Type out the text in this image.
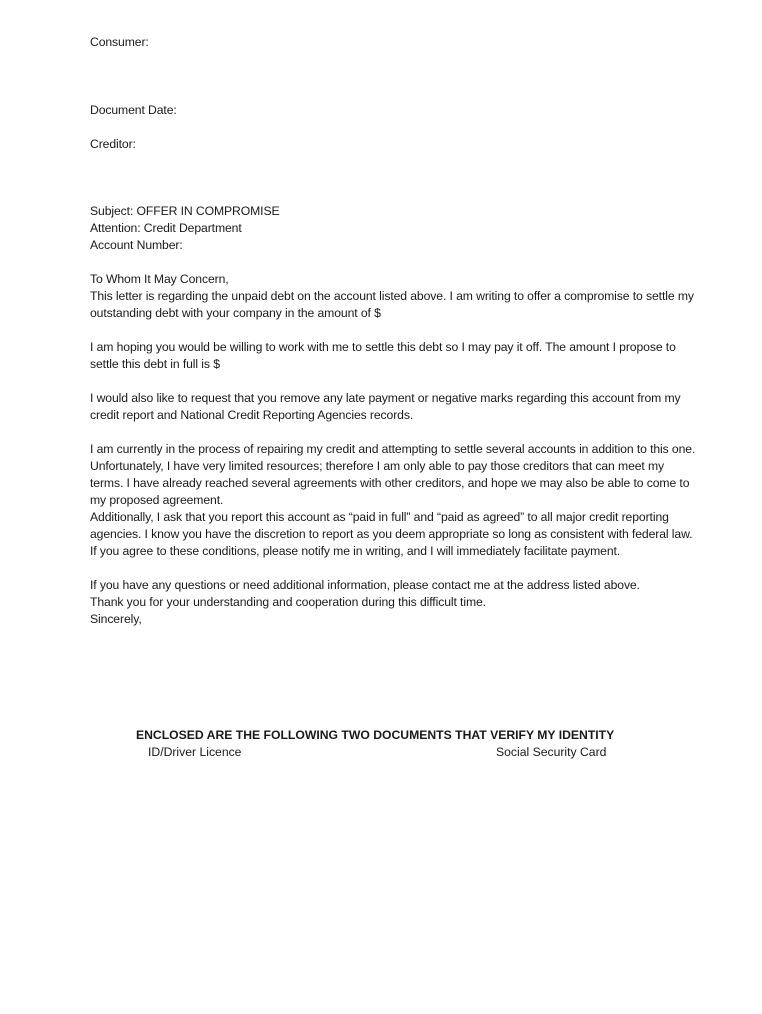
Consumer:
Document Date:
Creditor:
Subject: OFFER IN COMPROMISE
Attention: Credit Department
Account Number:
To Whom It May Concern,

This letter is regarding the unpaid debt on the account listed above. I am writing to offer a compromise to settle my outstanding debt with your company in the amount of $

I am hoping you would be willing to work with me to settle this debt so I may pay it off. The amount I propose to settle this debt in full is $

I would also like to request that you remove any late payment or negative marks regarding this account from my credit report and National Credit Reporting Agencies records.

I am currently in the process of repairing my credit and attempting to settle several accounts in addition to this one. Unfortunately, I have very limited resources; therefore I am only able to pay those creditors that can meet my terms. I have already reached several agreements with other creditors, and hope we may also be able to come to my proposed agreement.

Additionally, I ask that you report this account as “paid in full” and “paid as agreed” to all major credit reporting agencies. I know you have the discretion to report as you deem appropriate so long as consistent with federal law. If you agree to these conditions, please notify me in writing, and I will immediately facilitate payment.

If you have any questions or need additional information, please contact me at the address listed above.
Thank you for your understanding and cooperation during this difficult time.
Sincerely,
ENCLOSED ARE THE FOLLOWING TWO DOCUMENTS THAT VERIFY MY IDENTITY
ID/Driver Licence	Social Security Card
